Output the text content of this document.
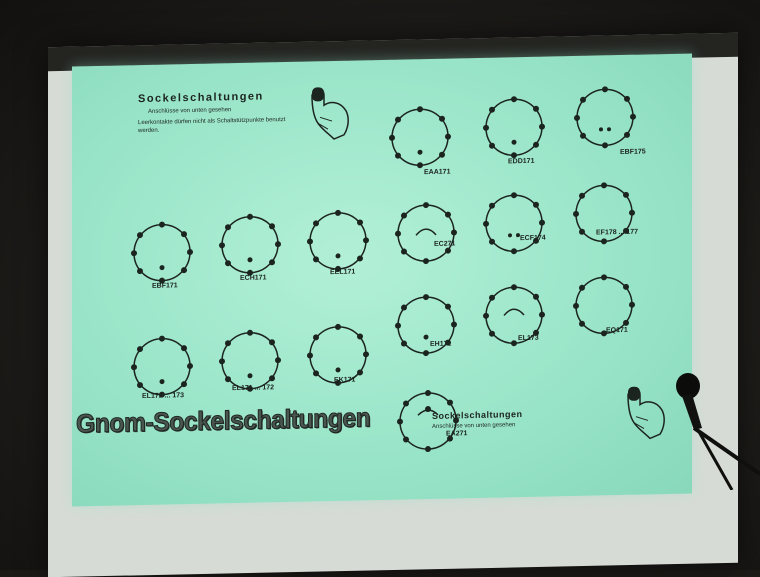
Sockelschaltungen
Anschlüsse von unten gesehen
Leerkontakte dürfen nicht als Schaltstützpunkte benutzt werden.
EAA171
EDD171
EBF175
EBF171
ECH171
EEL171
EC271
ECF174
EF178 ... 177
EL172 ... 173
EL171 ... 172
EK171
EH171
EL173
EQ171
Gnom-Sockelschaltungen	EA271
Sockelschaltungen
Anschlüsse von unten gesehen
